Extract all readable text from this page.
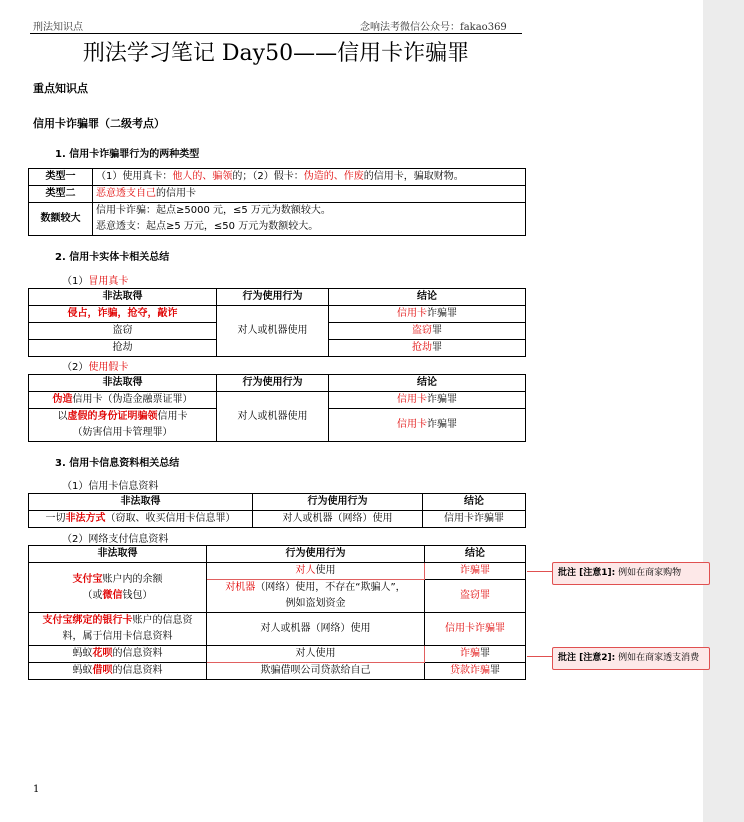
刑法知识点	念响法考微信公众号：fakao369
刑法学习笔记 Day50——信用卡诈骗罪
重点知识点
信用卡诈骗罪（二级考点）
1. 信用卡诈骗罪行为的两种类型
类型一	（1）使用真卡：他人的、骗领的；（2）假卡：伪造的、作废的信用卡，骗取财物。
类型二	恶意透支自己的信用卡
数额较大	信用卡诈骗：起点≥5000 元，≤5 万元为数额较大。
恶意透支：起点≥5 万元，≤50 万元为数额较大。
2. 信用卡实体卡相关总结
（1）冒用真卡
非法取得	行为使用行为	结论
侵占，诈骗，抢夺，敲诈	对人或机器使用	信用卡诈骗罪
盗窃		盗窃罪
抢劫		抢劫罪
（2）使用假卡
非法取得	行为使用行为	结论
伪造信用卡（伪造金融票证罪）	对人或机器使用	信用卡诈骗罪

以虚假的身份证明骗领信用卡
（妨害信用卡管理罪）		信用卡诈骗罪
3. 信用卡信息资料相关总结
（1）信用卡信息资料
非法取得	行为使用行为	结论
一切非法方式（窃取、收买信用卡信息罪）	对人或机器（网络）使用	信用卡诈骗罪
（2）网络支付信息资料
非法取得	行为使用行为	结论

支付宝账户内的余额
（或微信钱包）	对人使用	诈骗罪

	对机器（网络）使用，不存在“欺骗人”，
例如盗划资金	盗窃罪

支付宝绑定的银行卡账户的信息资
料，属于信用卡信息资料	对人或机器（网络）使用	信用卡诈骗罪
蚂蚁花呗的信息资料	对人使用	诈骗罪
蚂蚁借呗的信息资料	欺骗借呗公司贷款给自己	贷款诈骗罪
批注 [注意1]: 例如在商家购物
批注 [注意2]: 例如在商家透支消费
1
